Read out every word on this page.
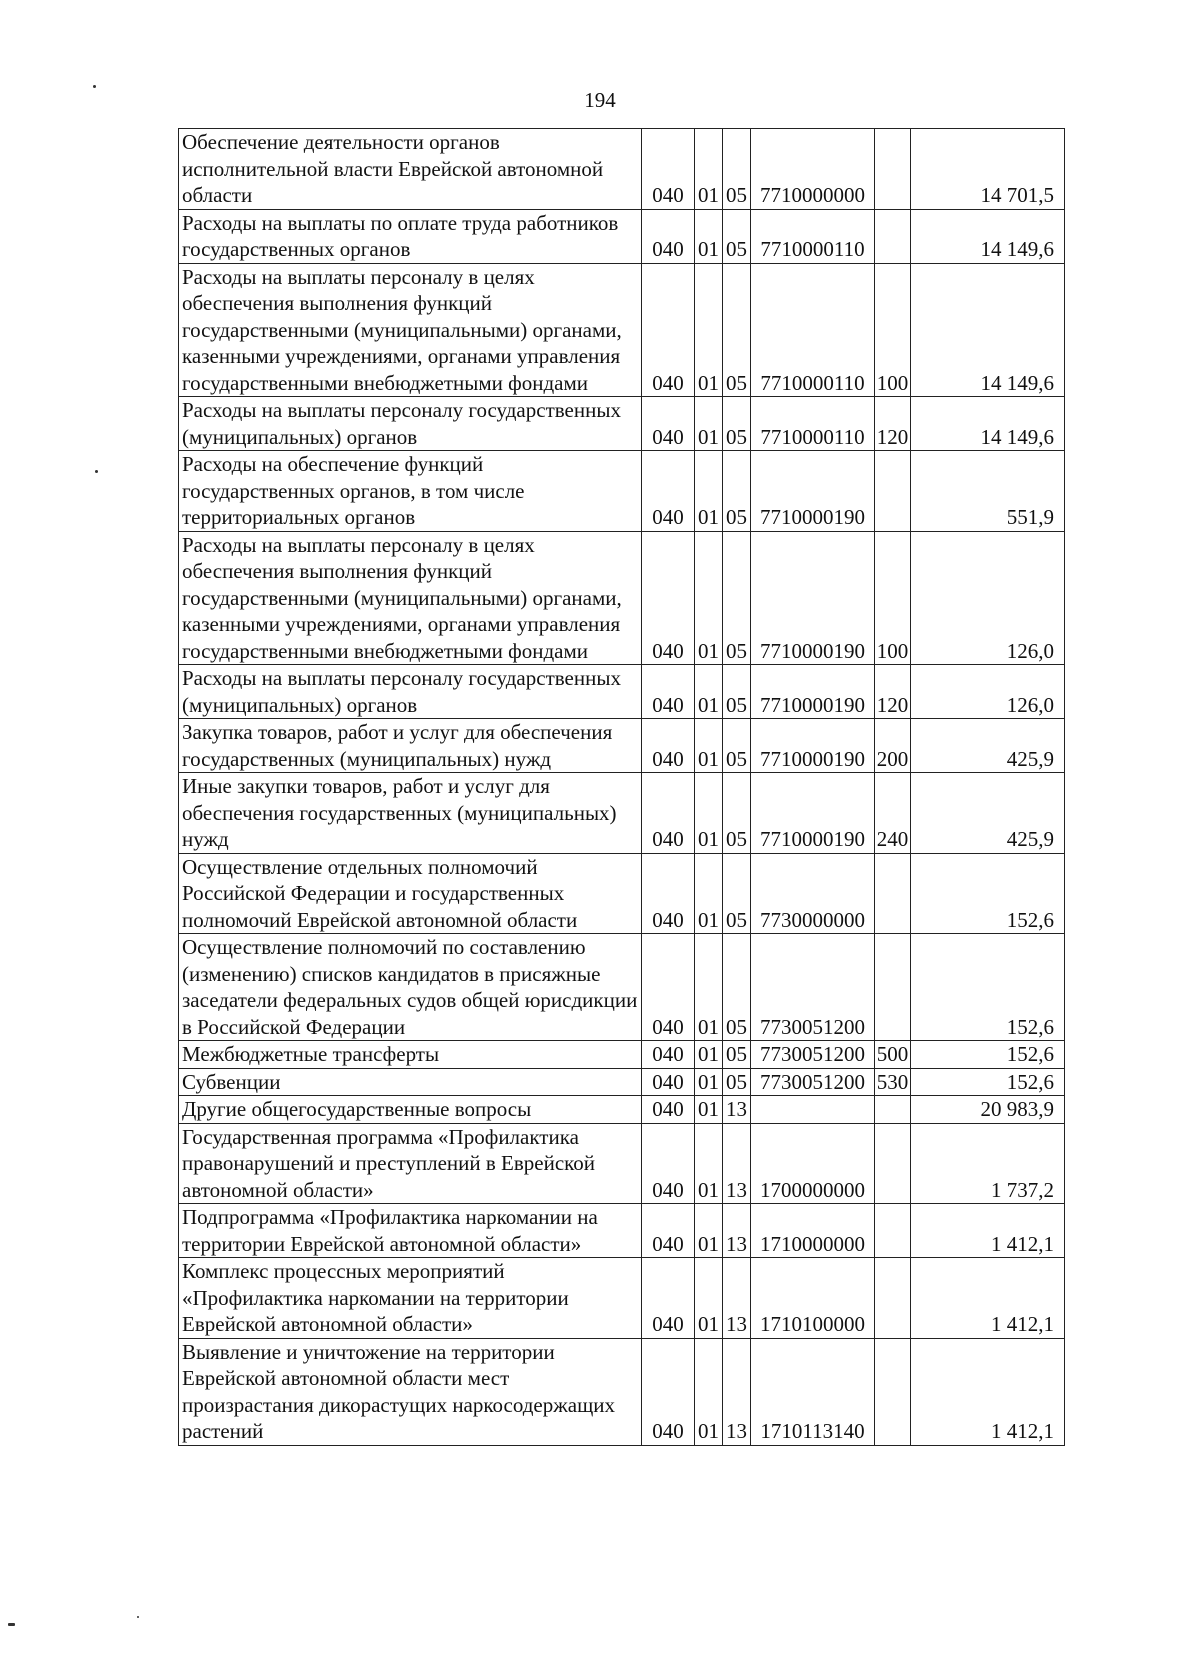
194
Обеспечение деятельности органов исполнительной власти Еврейской автономной области	040	01	05	7710000000		14 701,5
Расходы на выплаты по оплате труда работников государственных органов	040	01	05	7710000110		14 149,6
Расходы на выплаты персоналу в целях обеспечения выполнения функций государственными (муниципальными) органами, казенными учреждениями, органами управления государственными внебюджетными фондами	040	01	05	7710000110	100	14 149,6
Расходы на выплаты персоналу государственных (муниципальных) органов	040	01	05	7710000110	120	14 149,6
Расходы на обеспечение функций государственных органов, в том числе территориальных органов	040	01	05	7710000190		551,9
Расходы на выплаты персоналу в целях обеспечения выполнения функций государственными (муниципальными) органами, казенными учреждениями, органами управления государственными внебюджетными фондами	040	01	05	7710000190	100	126,0
Расходы на выплаты персоналу государственных (муниципальных) органов	040	01	05	7710000190	120	126,0
Закупка товаров, работ и услуг для обеспечения государственных (муниципальных) нужд	040	01	05	7710000190	200	425,9
Иные закупки товаров, работ и услуг для обеспечения государственных (муниципальных) нужд	040	01	05	7710000190	240	425,9
Осуществление отдельных полномочий Российской Федерации и государственных полномочий Еврейской автономной области	040	01	05	7730000000		152,6
Осуществление полномочий по составлению (изменению) списков кандидатов в присяжные заседатели федеральных судов общей юрисдикции в Российской Федерации	040	01	05	7730051200		152,6
Межбюджетные трансферты	040	01	05	7730051200	500	152,6
Субвенции	040	01	05	7730051200	530	152,6
Другие общегосударственные вопросы	040	01	13			20 983,9
Государственная программа «Профилактика правонарушений и преступлений в Еврейской автономной области»	040	01	13	1700000000		1 737,2
Подпрограмма «Профилактика наркомании на территории Еврейской автономной области»	040	01	13	1710000000		1 412,1
Комплекс процессных мероприятий «Профилактика наркомании на территории Еврейской автономной области»	040	01	13	1710100000		1 412,1
Выявление и уничтожение на территории Еврейской автономной области мест произрастания дикорастущих наркосодержащих растений	040	01	13	1710113140		1 412,1
